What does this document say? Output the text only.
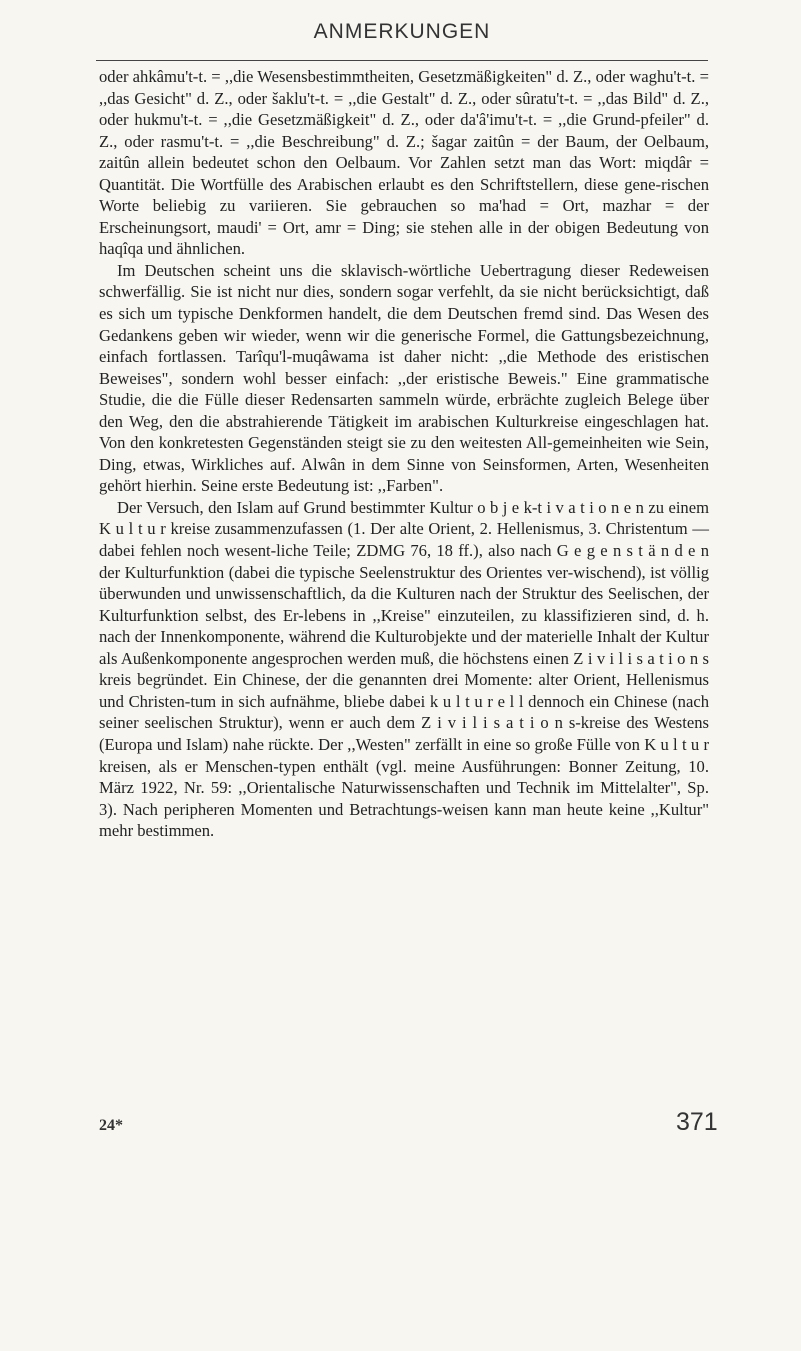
ANMERKUNGEN

oder ahkâmu't-t. = ,,die Wesensbestimmtheiten, Gesetzmäßigkeiten" d. Z., oder waghu't-t. = ,,das Gesicht" d. Z., oder šaklu't-t. = ,,die Gestalt" d. Z., oder sûratu't-t. = ,,das Bild" d. Z., oder hukmu't-t. = ,,die Gesetzmäßigkeit" d. Z., oder da'â'imu't-t. = ,,die Grund-pfeiler" d. Z., oder rasmu't-t. = ,,die Beschreibung" d. Z.; šagar zaitûn = der Baum, der Oelbaum, zaitûn allein bedeutet schon den Oelbaum. Vor Zahlen setzt man das Wort: miqdâr = Quantität. Die Wortfülle des Arabischen erlaubt es den Schriftstellern, diese gene-rischen Worte beliebig zu variieren. Sie gebrauchen so ma'had = Ort, mazhar = der Erscheinungsort, maudi' = Ort, amr = Ding; sie stehen alle in der obigen Bedeutung von haqîqa und ähnlichen.

Im Deutschen scheint uns die sklavisch-wörtliche Uebertragung dieser Redeweisen schwerfällig. Sie ist nicht nur dies, sondern sogar verfehlt, da sie nicht berücksichtigt, daß es sich um typische Denkformen handelt, die dem Deutschen fremd sind. Das Wesen des Gedankens geben wir wieder, wenn wir die generische Formel, die Gattungsbezeichnung, einfach fortlassen. Tarîqu'l-muqâwama ist daher nicht: ,,die Methode des eristischen Beweises", sondern wohl besser einfach: ,,der eristische Beweis." Eine grammatische Studie, die die Fülle dieser Redensarten sammeln würde, erbrächte zugleich Belege über den Weg, den die abstrahierende Tätigkeit im arabischen Kulturkreise eingeschlagen hat. Von den konkretesten Gegenständen steigt sie zu den weitesten All-gemeinheiten wie Sein, Ding, etwas, Wirkliches auf. Alwân in dem Sinne von Seinsformen, Arten, Wesenheiten gehört hierhin. Seine erste Bedeutung ist: ,,Farben".

Der Versuch, den Islam auf Grund bestimmter Kultur o b j e k-t i v a t i o n e n zu einem K u l t u r kreise zusammenzufassen (1. Der alte Orient, 2. Hellenismus, 3. Christentum — dabei fehlen noch wesent-liche Teile; ZDMG 76, 18 ff.), also nach G e g e n s t ä n d e n der Kulturfunktion (dabei die typische Seelenstruktur des Orientes ver-wischend), ist völlig überwunden und unwissenschaftlich, da die Kulturen nach der Struktur des Seelischen, der Kulturfunktion selbst, des Er-lebens in ,,Kreise" einzuteilen, zu klassifizieren sind, d. h. nach der Innenkomponente, während die Kulturobjekte und der materielle Inhalt der Kultur als Außenkomponente angesprochen werden muß, die höchstens einen Z i v i l i s a t i o n s kreis begründet. Ein Chinese, der die genannten drei Momente: alter Orient, Hellenismus und Christen-tum in sich aufnähme, bliebe dabei k u l t u r e l l dennoch ein Chinese (nach seiner seelischen Struktur), wenn er auch dem Z i v i l i s a t i o n s-kreise des Westens (Europa und Islam) nahe rückte. Der ,,Westen" zerfällt in eine so große Fülle von K u l t u r kreisen, als er Menschen-typen enthält (vgl. meine Ausführungen: Bonner Zeitung, 10. März 1922, Nr. 59: ,,Orientalische Naturwissenschaften und Technik im Mittelalter", Sp. 3). Nach peripheren Momenten und Betrachtungs-weisen kann man heute keine ,,Kultur" mehr bestimmen.

24*	371
